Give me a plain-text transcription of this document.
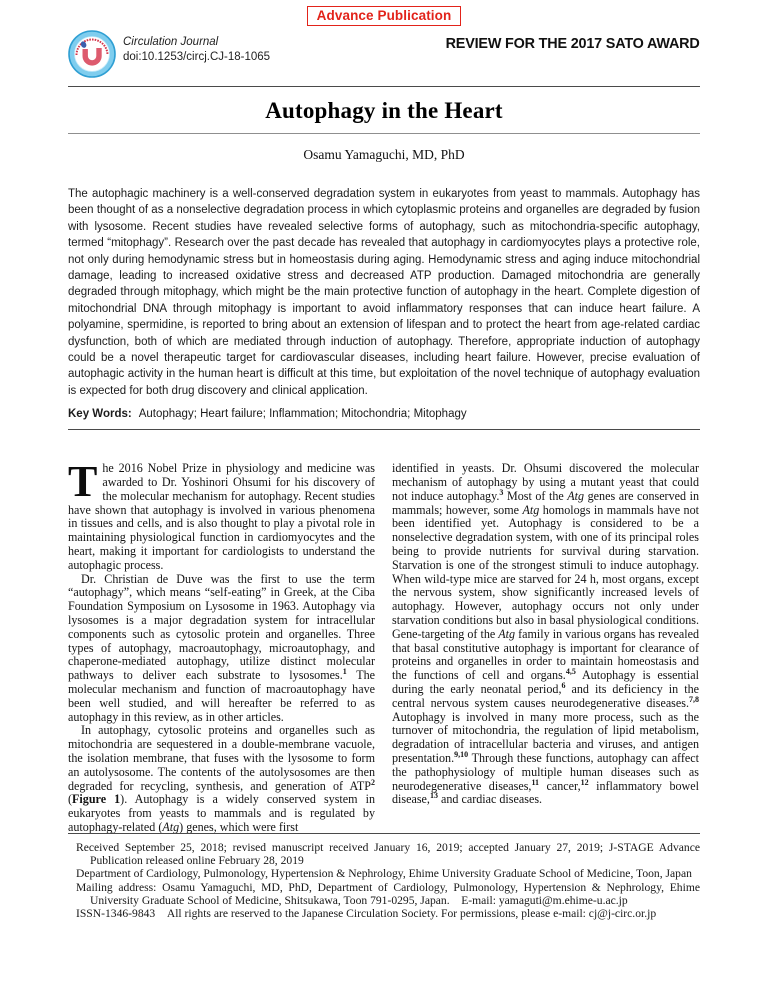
Advance Publication
Circulation Journal
doi:10.1253/circj.CJ-18-1065
REVIEW FOR THE 2017 SATO AWARD
Autophagy in the Heart
Osamu Yamaguchi, MD, PhD

The autophagic machinery is a well-conserved degradation system in eukaryotes from yeast to mammals. Autophagy has been thought of as a nonselective degradation process in which cytoplasmic proteins and organelles are degraded by fusion with lysosome. Recent studies have revealed selective forms of autophagy, such as mitochondria-specific autophagy, termed “mitophagy”. Research over the past decade has revealed that autophagy in cardiomyocytes plays a protective role, not only during hemodynamic stress but in homeostasis during aging. Hemodynamic stress and aging induce mitochondrial damage, leading to increased oxidative stress and decreased ATP production. Damaged mitochondria are generally degraded through mitophagy, which might be the main protective function of autophagy in the heart. Complete digestion of mitochondrial DNA through mitophagy is important to avoid inflammatory responses that can induce heart failure. A polyamine, spermidine, is reported to bring about an extension of lifespan and to protect the heart from age-related cardiac dysfunction, both of which are mediated through induction of autophagy. Therefore, appropriate induction of autophagy could be a novel therapeutic target for cardiovascular diseases, including heart failure. However, precise evaluation of autophagic activity in the human heart is difficult at this time, but exploitation of the novel technique of autophagy evaluation is expected for both drug discovery and clinical application.

Key Words: Autophagy; Heart failure; Inflammation; Mitochondria; Mitophagy

The 2016 Nobel Prize in physiology and medicine was awarded to Dr. Yoshinori Ohsumi for his discovery of the molecular mechanism for autophagy. Recent studies have shown that autophagy is involved in various phenomena in tissues and cells, and is also thought to play a pivotal role in maintaining physiological function in cardiomyocytes and the heart, making it important for cardiologists to understand the autophagic process.

Dr. Christian de Duve was the first to use the term “autophagy”, which means “self-eating” in Greek, at the Ciba Foundation Symposium on Lysosome in 1963. Autophagy via lysosomes is a major degradation system for intracellular components such as cytosolic protein and organelles. Three types of autophagy, macroautophagy, microautophagy, and chaperone-mediated autophagy, utilize distinct molecular pathways to deliver each substrate to lysosomes.$^1$ The molecular mechanism and function of macroautophagy have been well studied, and will hereafter be referred to as autophagy in this review, as in other articles.

In autophagy, cytosolic proteins and organelles such as mitochondria are sequestered in a double-membrane vacuole, the isolation membrane, that fuses with the lysosome to form an autolysosome. The contents of the autolysosomes are then degraded for recycling, synthesis, and generation of ATP$^2$ (Figure 1). Autophagy is a widely conserved system in eukaryotes from yeasts to mammals and is regulated by autophagy-related (Atg) genes, which were first

identified in yeasts. Dr. Ohsumi discovered the molecular mechanism of autophagy by using a mutant yeast that could not induce autophagy.$^3$ Most of the Atg genes are conserved in mammals; however, some Atg homologs in mammals have not been identified yet. Autophagy is considered to be a nonselective degradation system, with one of its principal roles being to provide nutrients for survival during starvation. Starvation is one of the strongest stimuli to induce autophagy. When wild-type mice are starved for 24 h, most organs, except the nervous system, show significantly increased levels of autophagy. However, autophagy occurs not only under starvation conditions but also in basal physiological conditions. Gene-targeting of the Atg family in various organs has revealed that basal constitutive autophagy is important for clearance of proteins and organelles in order to maintain homeostasis and the functions of cell and organs.$^{4,5}$ Autophagy is essential during the early neonatal period,$^6$ and its deficiency in the central nervous system causes neurodegenerative diseases.$^{7,8}$ Autophagy is involved in many more process, such as the turnover of mitochondria, the regulation of lipid metabolism, degradation of intracellular bacteria and viruses, and antigen presentation.$^{9,10}$ Through these functions, autophagy can affect the pathophysiology of multiple human diseases such as neurodegenerative diseases,$^{11}$ cancer,$^{12}$ inflammatory bowel disease,$^{13}$ and cardiac diseases.

Received September 25, 2018; revised manuscript received January 16, 2019; accepted January 27, 2019; J-STAGE Advance Publication released online February 28, 2019
Department of Cardiology, Pulmonology, Hypertension & Nephrology, Ehime University Graduate School of Medicine, Toon, Japan
Mailing address: Osamu Yamaguchi, MD, PhD, Department of Cardiology, Pulmonology, Hypertension & Nephrology, Ehime University Graduate School of Medicine, Shitsukawa, Toon 791-0295, Japan.  E-mail: yamaguti@m.ehime-u.ac.jp
ISSN-1346-9843  All rights are reserved to the Japanese Circulation Society. For permissions, please e-mail: cj@j-circ.or.jp
